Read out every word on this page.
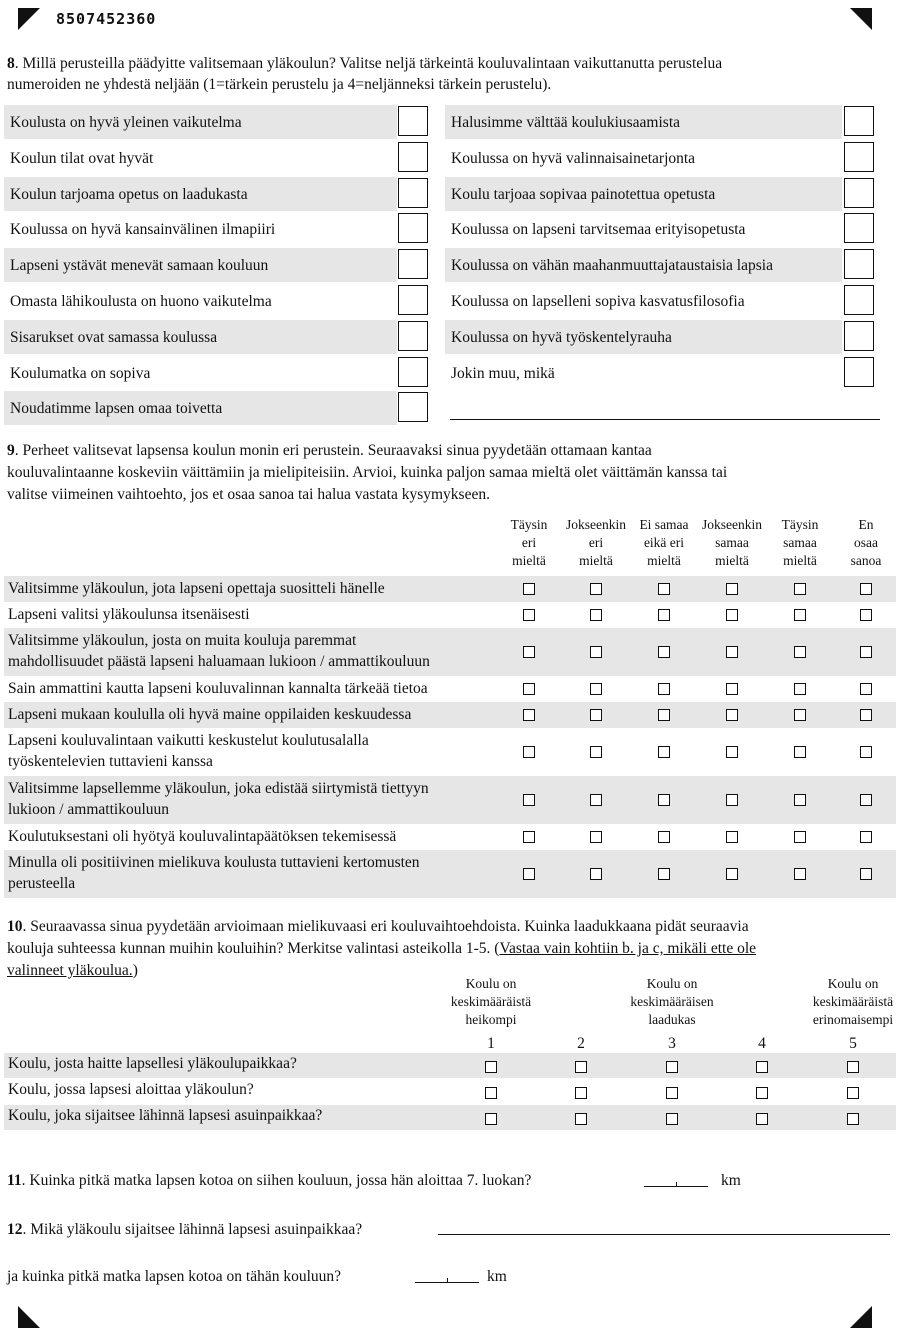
8507452360
8. Millä perusteilla päädyitte valitsemaan yläkoulun? Valitse neljä tärkeintä kouluvalintaan vaikuttanutta perustelua
numeroiden ne yhdestä neljään (1=tärkein perustelu ja 4=neljänneksi tärkein perustelu).
Koulusta on hyvä yleinen vaikutelma
Koulun tilat ovat hyvät
Koulun tarjoama opetus on laadukasta
Koulussa on hyvä kansainvälinen ilmapiiri
Lapseni ystävät menevät samaan kouluun
Omasta lähikoulusta on huono vaikutelma
Sisarukset ovat samassa koulussa
Koulumatka on sopiva
Noudatimme lapsen omaa toivetta
Halusimme välttää koulukiusaamista
Koulussa on hyvä valinnaisainetarjonta
Koulu tarjoaa sopivaa painotettua opetusta
Koulussa on lapseni tarvitsemaa erityisopetusta
Koulussa on vähän maahanmuuttajataustaisia lapsia
Koulussa on lapselleni sopiva kasvatusfilosofia
Koulussa on hyvä työskentelyrauha
Jokin muu, mikä
9. Perheet valitsevat lapsensa koulun monin eri perustein. Seuraavaksi sinua pyydetään ottamaan kantaa
kouluvalintaanne koskeviin väittämiin ja mielipiteisiin. Arvioi, kuinka paljon samaa mieltä olet väittämän kanssa tai
valitse viimeinen vaihtoehto, jos et osaa sanoa tai halua vastata kysymykseen.
Täysin
eri
mieltä
Jokseenkin
eri
mieltä
Ei samaa
eikä eri
mieltä
Jokseenkin
samaa
mieltä
Täysin
samaa
mieltä
En
osaa
sanoa
Valitsimme yläkoulun, jota lapseni opettaja suositteli hänelle
Lapseni valitsi yläkoulunsa itsenäisesti
Valitsimme yläkoulun, josta on muita kouluja paremmat
mahdollisuudet päästä lapseni haluamaan lukioon / ammattikouluun
Sain ammattini kautta lapseni kouluvalinnan kannalta tärkeää tietoa
Lapseni mukaan koululla oli hyvä maine oppilaiden keskuudessa
Lapseni kouluvalintaan vaikutti keskustelut koulutusalalla
työskentelevien tuttavieni kanssa
Valitsimme lapsellemme yläkoulun, joka edistää siirtymistä tiettyyn
lukioon / ammattikouluun
Koulutuksestani oli hyötyä kouluvalintapäätöksen tekemisessä
Minulla oli positiivinen mielikuva koulusta tuttavieni kertomusten
perusteella
10. Seuraavassa sinua pyydetään arvioimaan mielikuvaasi eri kouluvaihtoehdoista. Kuinka laadukkaana pidät seuraavia
kouluja suhteessa kunnan muihin kouluihin? Merkitse valintasi asteikolla 1-5. (Vastaa vain kohtiin b. ja c, mikäli ette ole
valinneet yläkoulua.)
Koulu on
keskimääräistä
heikompi
Koulu on
keskimääräisen
laadukas
Koulu on
keskimääräistä
erinomaisempi
1	2	3	4	5
Koulu, josta haitte lapsellesi yläkoulupaikkaa?
Koulu, jossa lapsesi aloittaa yläkoulun?
Koulu, joka sijaitsee lähinnä lapsesi asuinpaikkaa?
11. Kuinka pitkä matka lapsen kotoa on siihen kouluun, jossa hän aloittaa 7. luokan?	km
12. Mikä yläkoulu sijaitsee lähinnä lapsesi asuinpaikkaa?
ja kuinka pitkä matka lapsen kotoa on tähän kouluun?	km
